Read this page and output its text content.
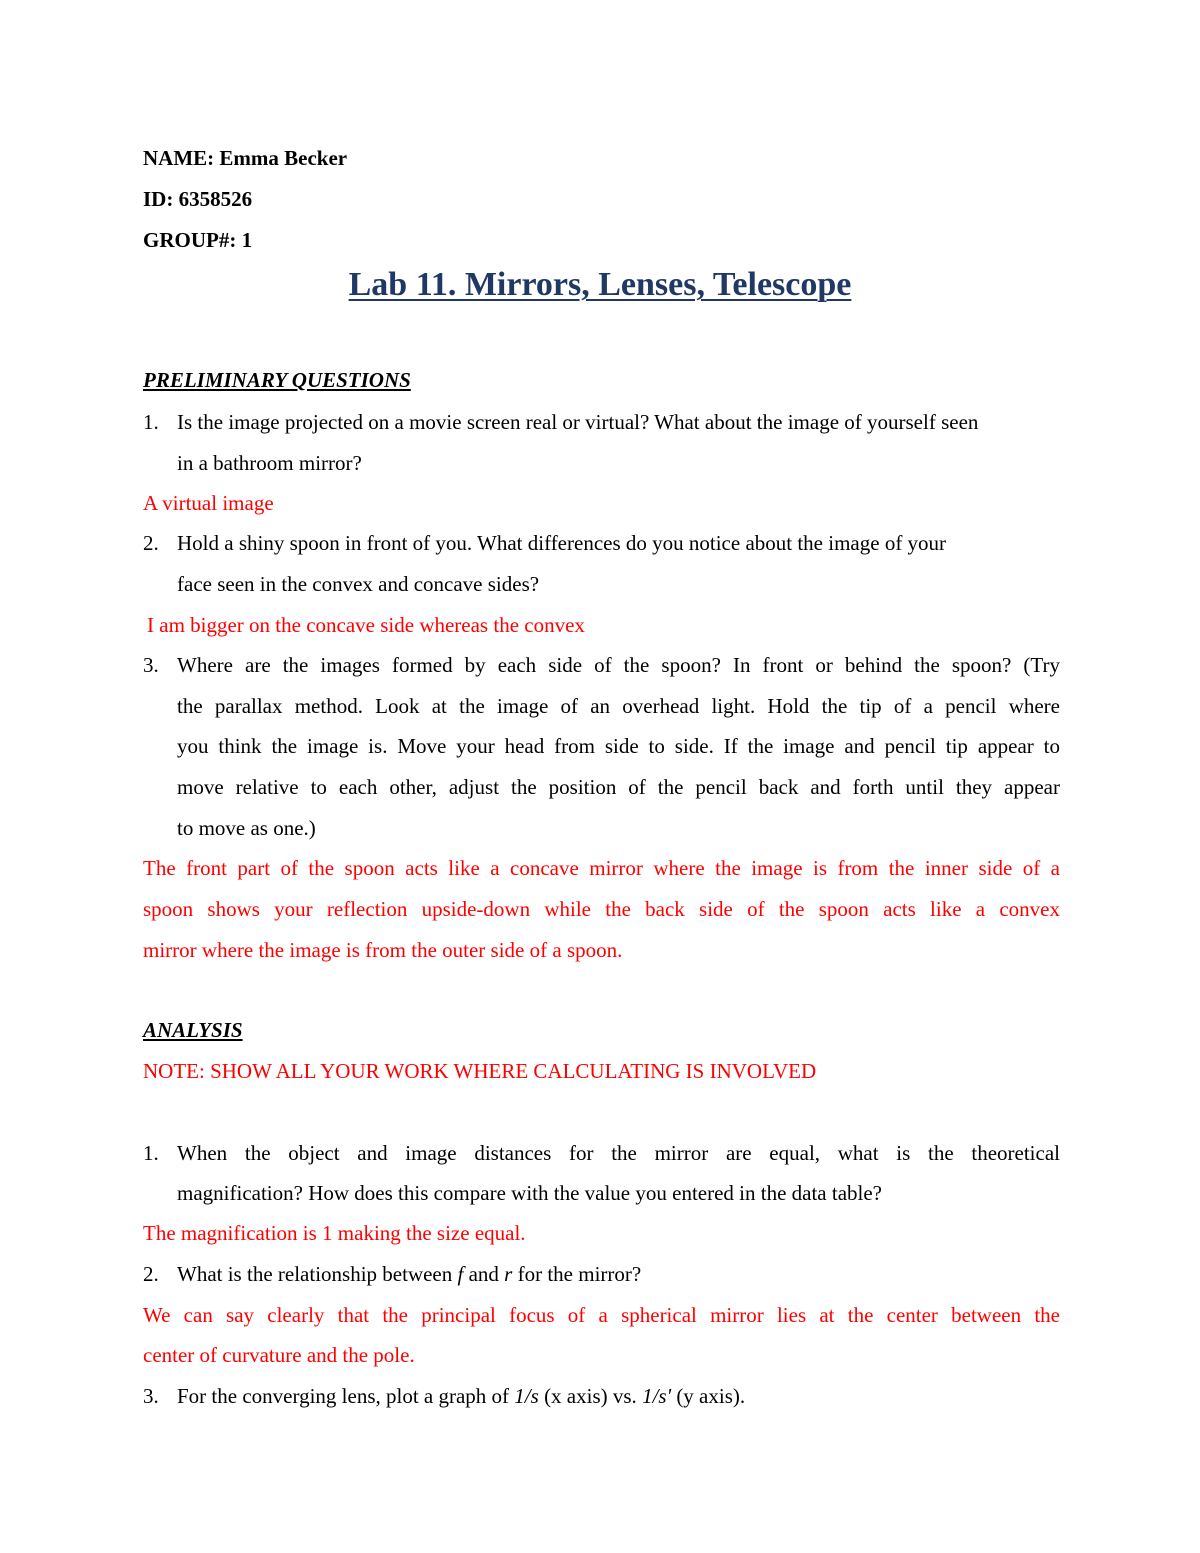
NAME: Emma Becker
ID: 6358526
GROUP#: 1
Lab 11. Mirrors, Lenses, Telescope
PRELIMINARY QUESTIONS
1. Is the image projected on a movie screen real or virtual? What about the image of yourself seen
in a bathroom mirror?
A virtual image
2. Hold a shiny spoon in front of you. What differences do you notice about the image of your
face seen in the convex and concave sides?
I am bigger on the concave side whereas the convex
3. Where are the images formed by each side of the spoon? In front or behind the spoon? (Try
the parallax method. Look at the image of an overhead light. Hold the tip of a pencil where
you think the image is. Move your head from side to side. If the image and pencil tip appear to
move relative to each other, adjust the position of the pencil back and forth until they appear
to move as one.)
The front part of the spoon acts like a concave mirror where the image is from the inner side of a
spoon shows your reflection upside-down while the back side of the spoon acts like a convex
mirror where the image is from the outer side of a spoon.
ANALYSIS
NOTE: SHOW ALL YOUR WORK WHERE CALCULATING IS INVOLVED
1. When the object and image distances for the mirror are equal, what is the theoretical
magnification? How does this compare with the value you entered in the data table?
The magnification is 1 making the size equal.
2. What is the relationship between f and r for the mirror?
We can say clearly that the principal focus of a spherical mirror lies at the center between the
center of curvature and the pole.
3. For the converging lens, plot a graph of 1/s (x axis) vs. 1/s' (y axis).
